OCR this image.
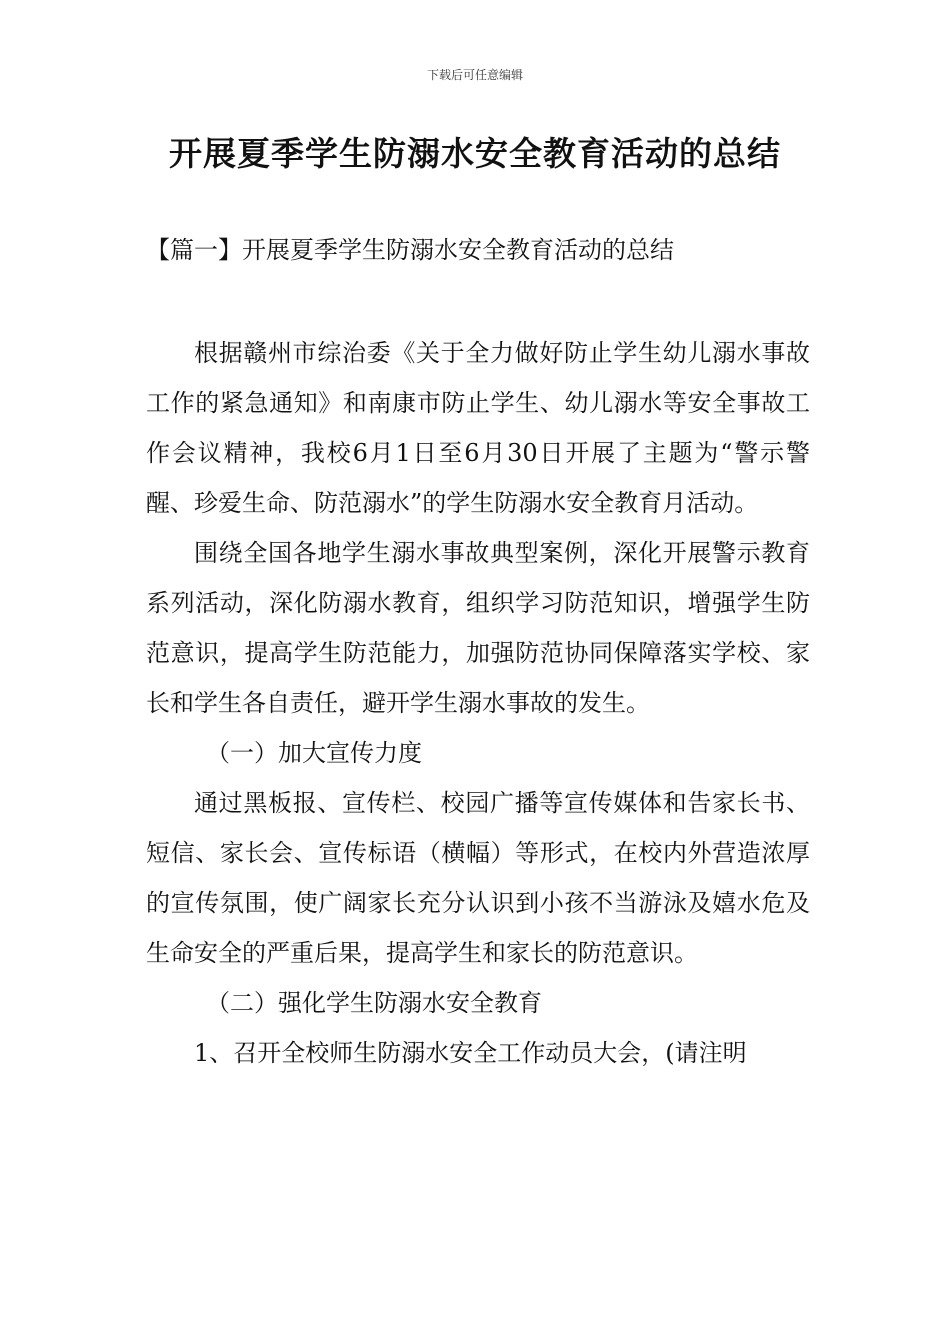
下载后可任意编辑
开展夏季学生防溺水安全教育活动的总结
【篇一】开展夏季学生防溺水安全教育活动的总结

根据赣州市综治委《关于全力做好防止学生幼儿溺水事故工作的紧急通知》和南康市防止学生、幼儿溺水等安全事故工作会议精神，我校6月1日至6月30日开展了主题为“警示警醒、珍爱生命、防范溺水”的学生防溺水安全教育月活动。

围绕全国各地学生溺水事故典型案例，深化开展警示教育系列活动，深化防溺水教育，组织学习防范知识，增强学生防范意识，提高学生防范能力，加强防范协同保障落实学校、家长和学生各自责任，避开学生溺水事故的发生。

（一）加大宣传力度

通过黑板报、宣传栏、校园广播等宣传媒体和告家长书、短信、家长会、宣传标语（横幅）等形式，在校内外营造浓厚的宣传氛围，使广阔家长充分认识到小孩不当游泳及嬉水危及生命安全的严重后果，提高学生和家长的防范意识。

（二）强化学生防溺水安全教育

1、召开全校师生防溺水安全工作动员大会，(请注明
